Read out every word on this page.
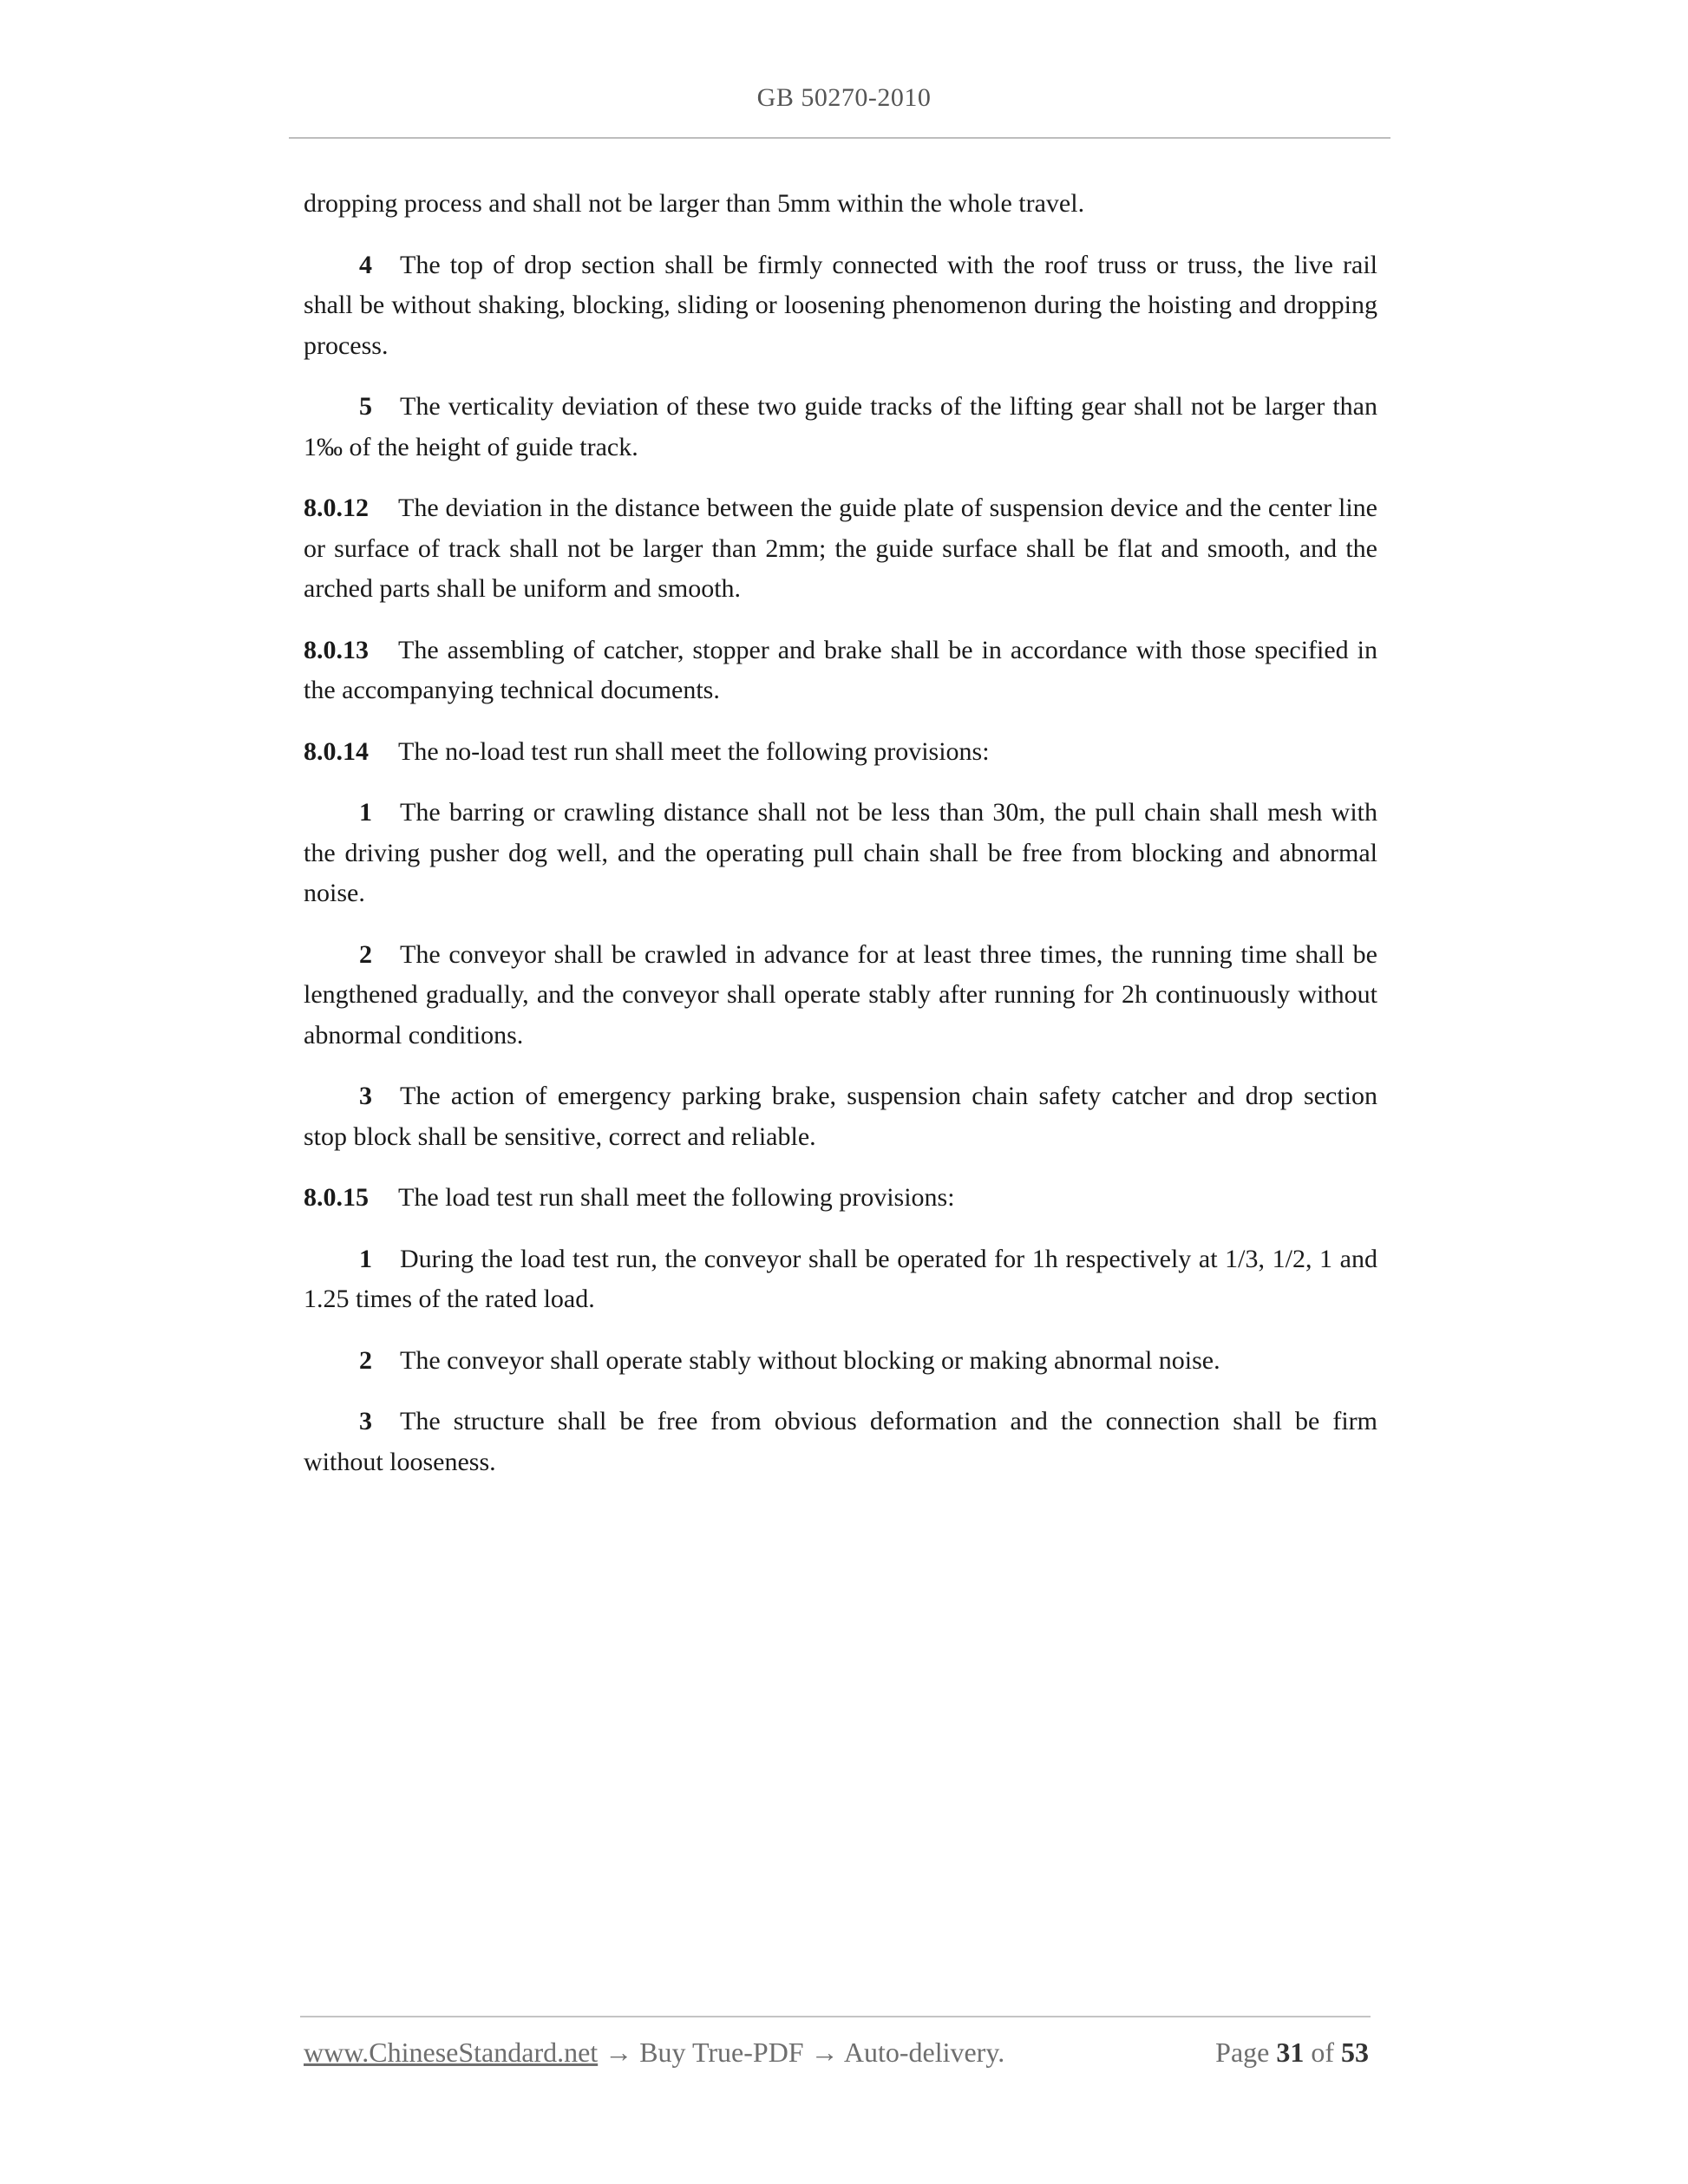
GB 50270-2010

dropping process and shall not be larger than 5mm within the whole travel.

4 The top of drop section shall be firmly connected with the roof truss or truss, the live rail shall be without shaking, blocking, sliding or loosening phenomenon during the hoisting and dropping process.

5 The verticality deviation of these two guide tracks of the lifting gear shall not be larger than 1‰ of the height of guide track.

8.0.12 The deviation in the distance between the guide plate of suspension device and the center line or surface of track shall not be larger than 2mm; the guide surface shall be flat and smooth, and the arched parts shall be uniform and smooth.

8.0.13 The assembling of catcher, stopper and brake shall be in accordance with those specified in the accompanying technical documents.

8.0.14 The no-load test run shall meet the following provisions:

1 The barring or crawling distance shall not be less than 30m, the pull chain shall mesh with the driving pusher dog well, and the operating pull chain shall be free from blocking and abnormal noise.

2 The conveyor shall be crawled in advance for at least three times, the running time shall be lengthened gradually, and the conveyor shall operate stably after running for 2h continuously without abnormal conditions.

3 The action of emergency parking brake, suspension chain safety catcher and drop section stop block shall be sensitive, correct and reliable.

8.0.15 The load test run shall meet the following provisions:

1 During the load test run, the conveyor shall be operated for 1h respectively at 1/3, 1/2, 1 and 1.25 times of the rated load.

2 The conveyor shall operate stably without blocking or making abnormal noise.

3 The structure shall be free from obvious deformation and the connection shall be firm without looseness.

www.ChineseStandard.net → Buy True-PDF → Auto-delivery.	Page 31 of 53
